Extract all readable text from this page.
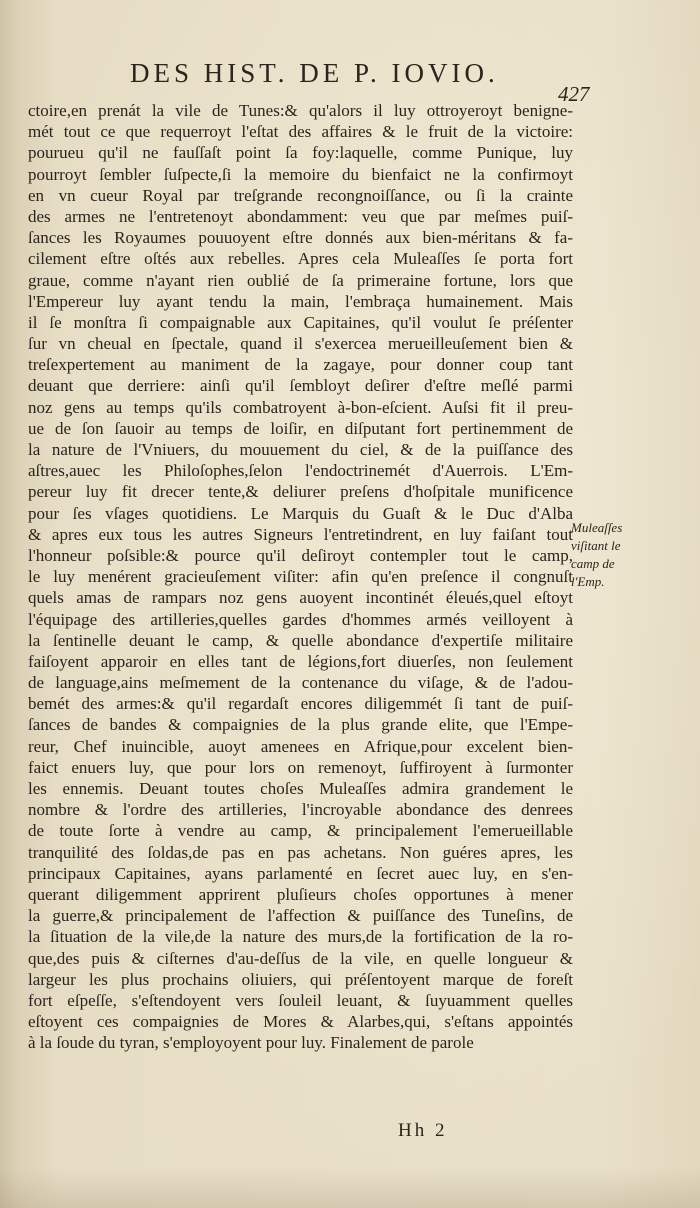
DES HIST. DE P. IOVIO.
427
ctoire,en prenát la vile de Tunes:& qu'alors il luy ottroyeroyt benigne-
mét tout ce que requerroyt l'eſtat des affaires & le fruit de la victoire:
pourueu qu'il ne fauſſaſt point ſa foy:laquelle, comme Punique, luy
pourroyt ſembler ſuſpecte,ſi la memoire du bienfaict ne la confirmoyt
en vn cueur Royal par treſgrande recongnoiſſance, ou ſi la crainte
des armes ne l'entretenoyt abondamment: veu que par meſmes puiſ-
ſances les Royaumes pouuoyent eſtre donnés aux bien-méritans & fa-
cilement eſtre oſtés aux rebelles. Apres cela Muleaſſes ſe porta fort
graue, comme n'ayant rien oublié de ſa primeraine fortune, lors que
l'Empereur luy ayant tendu la main, l'embraça humainement. Mais
il ſe monſtra ſi compaignable aux Capitaines, qu'il voulut ſe préſenter
ſur vn cheual en ſpectale, quand il s'exercea merueilleuſement bien &
treſexpertement au maniment de la zagaye, pour donner coup tant
deuant que derriere: ainſi qu'il ſembloyt deſirer d'eſtre meſlé parmi
noz gens au temps qu'ils combatroyent à-bon-eſcient. Auſsi fit il preu-
ue de ſon ſauoir au temps de loiſir, en diſputant fort pertinemment de
la nature de l'Vniuers, du mouuement du ciel, & de la puiſſance des
aſtres,auec les Philoſophes,ſelon l'endoctrinemét d'Auerrois. L'Em-
pereur luy fit drecer tente,& deliurer preſens d'hoſpitale munificence
pour ſes vſages quotidiens. Le Marquis du Guaſt & le Duc d'Alba
& apres eux tous les autres Signeurs l'entretindrent, en luy faiſant tout
l'honneur poſsible:& pource qu'il deſiroyt contempler tout le camp,
le luy menérent gracieuſement viſiter: afin qu'en preſence il congnuſt
quels amas de rampars noz gens auoyent incontinét éleués,quel eſtoyt
l'équipage des artilleries,quelles gardes d'hommes armés veilloyent à
la ſentinelle deuant le camp, & quelle abondance d'expertiſe militaire
faiſoyent apparoir en elles tant de légions,fort diuerſes, non ſeulement
de language,ains meſmement de la contenance du viſage, & de l'adou-
bemét des armes:& qu'il regardaſt encores diligemmét ſi tant de puiſ-
ſances de bandes & compaignies de la plus grande elite, que l'Empe-
reur, Chef inuincible, auoyt amenees en Afrique,pour excelent bien-
faict enuers luy, que pour lors on remenoyt, ſuffiroyent à ſurmonter
les ennemis. Deuant toutes choſes Muleaſſes admira grandement le
nombre & l'ordre des artilleries, l'incroyable abondance des denrees
de toute ſorte à vendre au camp, & principalement l'emerueillable
tranquilité des ſoldas,de pas en pas achetans. Non guéres apres, les
principaux Capitaines, ayans parlamenté en ſecret auec luy, en s'en-
querant diligemment apprirent pluſieurs choſes opportunes à mener
la guerre,& principalement de l'affection & puiſſance des Tuneſins, de
la ſituation de la vile,de la nature des murs,de la fortification de la ro-
que,des puis & ciſternes d'au-deſſus de la vile, en quelle longueur &
largeur les plus prochains oliuiers, qui préſentoyent marque de foreſt
fort eſpeſſe, s'eſtendoyent vers ſouleil leuant, & ſuyuamment quelles
eſtoyent ces compaignies de Mores & Alarbes,qui, s'eſtans appointés
à la ſoude du tyran, s'employoyent pour luy. Finalement de parole
Muleaſſes
viſitant le
camp de
l'Emp.
Hh 2
